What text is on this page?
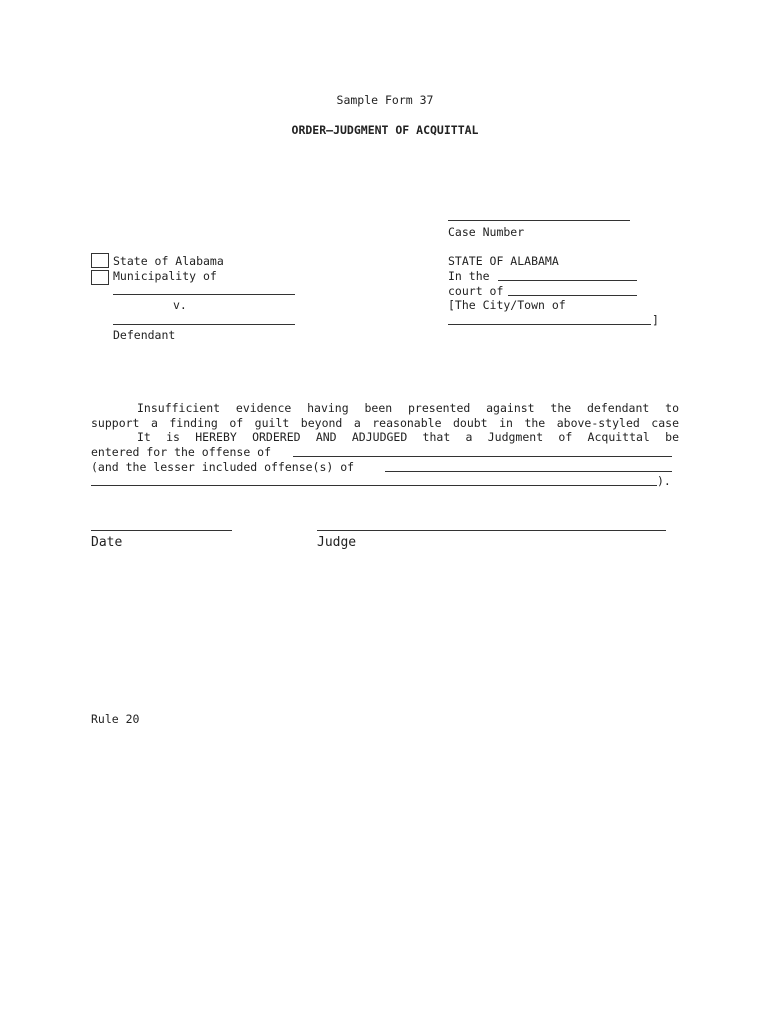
Sample Form 37
ORDER—JUDGMENT OF ACQUITTAL
Case Number
State of Alabama
Municipality of
v.
Defendant
STATE OF ALABAMA
In the
court of
[The City/Town of
]
Insufficient evidence having been presented against the defendant to
support a finding of guilt beyond a reasonable doubt in the above-styled case
It is HEREBY ORDERED AND ADJUDGED that a Judgment of Acquittal be
entered for the offense of
(and the lesser included offense(s) of
).
Date	Judge
Rule 20
